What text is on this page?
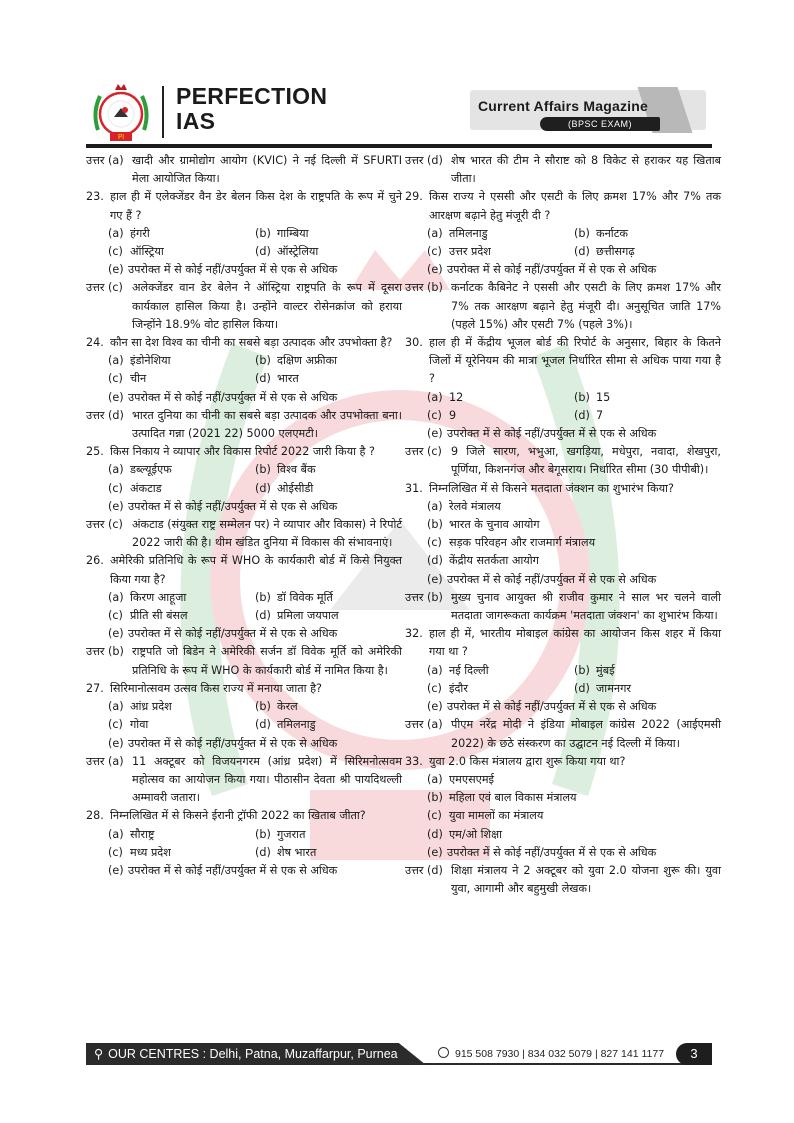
PI
PERFECTION
IAS
Current Affairs Magazine
(BPSC EXAM)
उत्तर (a) खादी और ग्रामोद्योग आयोग (KVIC) ने नई दिल्ली में SFURTI मेला आयोजित किया।
23. हाल ही में एलेक्जेंडर वैन डेर बेलन किस देश के राष्ट्रपति के रूप में चुने गए हैं ?
(a) हंगरी	(b) गाम्बिया
(c) ऑस्ट्रिया	(d) ऑस्ट्रेलिया
(e) उपरोक्त में से कोई नहीं/उपर्युक्त में से एक से अधिक
उत्तर (c) अलेक्जेंडर वान डेर बेलेन ने ऑस्ट्रिया राष्ट्रपति के रूप में दूसरा कार्यकाल हासिल किया है। उन्होंने वाल्टर रोसेनक्रांज को हराया जिन्होंने 18.9% वोट हासिल किया।
24. कौन सा देश विश्व का चीनी का सबसे बड़ा उत्पादक और उपभोक्ता है?
(a) इंडोनेशिया	(b) दक्षिण अफ्रीका
(c) चीन	(d) भारत
(e) उपरोक्त में से कोई नहीं/उपर्युक्त में से एक से अधिक
उत्तर (d) भारत दुनिया का चीनी का सबसे बड़ा उत्पादक और उपभोक्ता बना। उत्पादित गन्ना (2021 22) 5000 एलएमटी।
25. किस निकाय ने व्यापार और विकास रिपोर्ट 2022 जारी किया है ?
(a) डब्ल्यूईएफ	(b) विश्व बैंक
(c) अंकटाड	(d) ओईसीडी
(e) उपरोक्त में से कोई नहीं/उपर्युक्त में से एक से अधिक
उत्तर (c) अंकटाड (संयुक्त राष्ट्र सम्मेलन पर) ने व्यापार और विकास) ने रिपोर्ट 2022 जारी की है। थीम खंडित दुनिया में विकास की संभावनाएं।
26. अमेरिकी प्रतिनिधि के रूप में WHO के कार्यकारी बोर्ड में किसे नियुक्त किया गया है?
(a) किरण आहूजा	(b) डॉ विवेक मूर्ति
(c) प्रीति सी बंसल	(d) प्रमिला जयपाल
(e) उपरोक्त में से कोई नहीं/उपर्युक्त में से एक से अधिक
उत्तर (b) राष्ट्रपति जो बिडेन ने अमेरिकी सर्जन डॉ विवेक मूर्ति को अमेरिकी प्रतिनिधि के रूप में WHO के कार्यकारी बोर्ड में नामित किया है।
27. सिरिमानोत्सवम उत्सव किस राज्य में मनाया जाता है?
(a) आंध्र प्रदेश	(b) केरल
(c) गोवा	(d) तमिलनाडु
(e) उपरोक्त में से कोई नहीं/उपर्युक्त में से एक से अधिक
उत्तर (a) 11 अक्टूबर को विजयनगरम (आंध्र प्रदेश) में सिरिमनोत्सवम महोत्सव का आयोजन किया गया। पीठासीन देवता श्री पायदिथल्ली अम्मावरी जतारा।
28. निम्नलिखित में से किसने ईरानी ट्रॉफी 2022 का खिताब जीता?
(a) सौराष्ट्र	(b) गुजरात
(c) मध्य प्रदेश	(d) शेष भारत
(e) उपरोक्त में से कोई नहीं/उपर्युक्त में से एक से अधिक
उत्तर (d) शेष भारत की टीम ने सौराष्ट को 8 विकेट से हराकर यह खिताब जीता।
29. किस राज्य ने एससी और एसटी के लिए क्रमश 17% और 7% तक आरक्षण बढ़ाने हेतु मंजूरी दी ?
(a) तमिलनाडु	(b) कर्नाटक
(c) उत्तर प्रदेश	(d) छत्तीसगढ़
(e) उपरोक्त में से कोई नहीं/उपर्युक्त में से एक से अधिक
उत्तर (b) कर्नाटक कैबिनेट ने एससी और एसटी के लिए क्रमश 17% और 7% तक आरक्षण बढ़ाने हेतु मंजूरी दी। अनुसूचित जाति 17% (पहले 15%) और एसटी 7% (पहले 3%)।
30. हाल ही में केंद्रीय भूजल बोर्ड की रिपोर्ट के अनुसार, बिहार के कितने जिलों में यूरेनियम की मात्रा भूजल निर्धारित सीमा से अधिक पाया गया है ?
(a) 12	(b) 15
(c) 9	(d) 7
(e) उपरोक्त में से कोई नहीं/उपर्युक्त में से एक से अधिक
उत्तर (c) 9 जिले सारण, भभुआ, खगड़िया, मधेपुरा, नवादा, शेखपुरा, पूर्णिया, किशनगंज और बेगूसराय। निर्धारित सीमा (30 पीपीबी)।
31. निम्नलिखित में से किसने मतदाता जंक्शन का शुभारंभ किया?
(a) रेलवे मंत्रालय
(b) भारत के चुनाव आयोग
(c) सड़क परिवहन और राजमार्ग मंत्रालय
(d) केंद्रीय सतर्कता आयोग
(e) उपरोक्त में से कोई नहीं/उपर्युक्त में से एक से अधिक
उत्तर (b) मुख्य चुनाव आयुक्त श्री राजीव कुमार ने साल भर चलने वाली मतदाता जागरूकता कार्यक्रम 'मतदाता जंक्शन' का शुभारंभ किया।
32. हाल ही में, भारतीय मोबाइल कांग्रेस का आयोजन किस शहर में किया गया था ?
(a) नई दिल्ली	(b) मुंबई
(c) इंदौर	(d) जामनगर
(e) उपरोक्त में से कोई नहीं/उपर्युक्त में से एक से अधिक
उत्तर (a) पीएम नरेंद्र मोदी ने इंडिया मोबाइल कांग्रेस 2022 (आईएमसी 2022) के छठे संस्करण का उद्घाटन नई दिल्ली में किया।
33. युवा 2.0 किस मंत्रालय द्वारा शुरू किया गया था?
(a) एमएसएमई
(b) महिला एवं बाल विकास मंत्रालय
(c) युवा मामलों का मंत्रालय
(d) एम/ओ शिक्षा
(e) उपरोक्त में से कोई नहीं/उपर्युक्त में से एक से अधिक
उत्तर (d) शिक्षा मंत्रालय ने 2 अक्टूबर को युवा 2.0 योजना शुरू की। युवा युवा, आगामी और बहुमुखी लेखक।
⚲ OUR CENTRES : Delhi, Patna, Muzaffarpur, Purnea	915 508 7930 | 834 032 5079 | 827 141 1177	3
